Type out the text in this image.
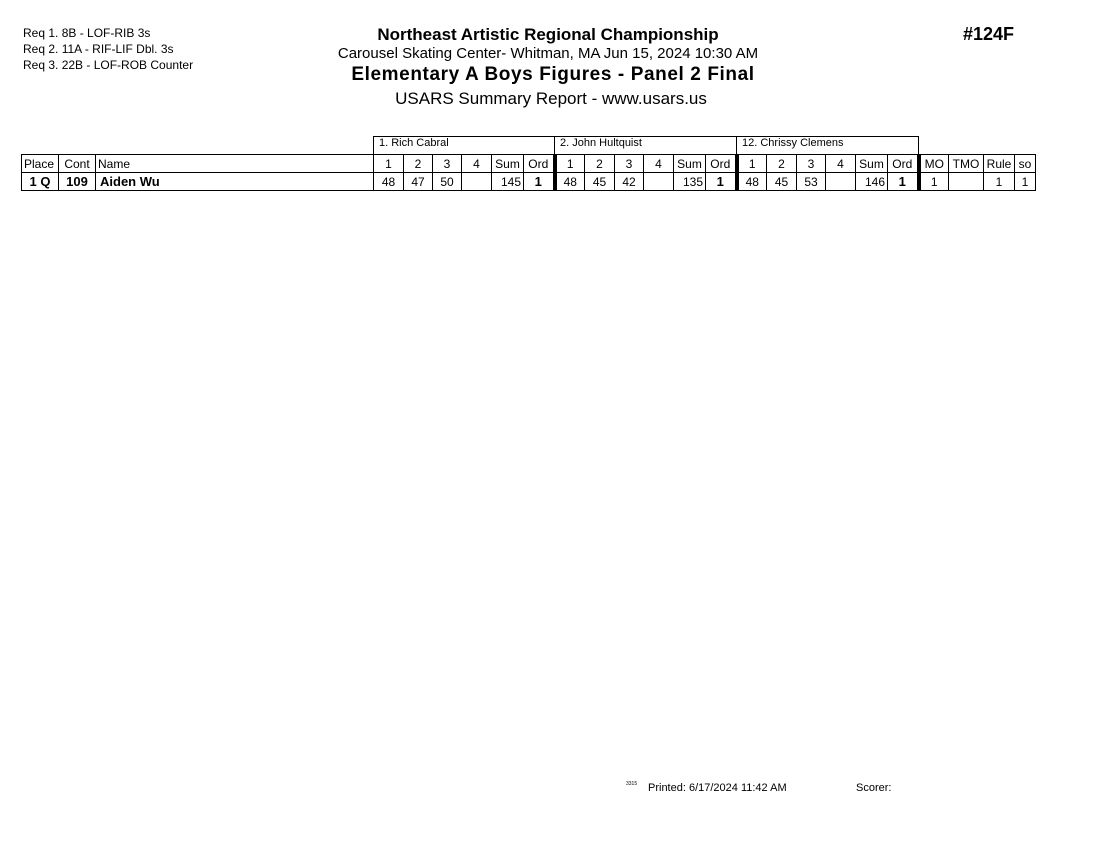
Req 1. 8B - LOF-RIB 3s
Req 2. 11A - RIF-LIF Dbl. 3s
Req 3. 22B - LOF-ROB Counter
Northeast Artistic Regional Championship
Carousel Skating Center- Whitman, MA Jun 15, 2024 10:30 AM
Elementary A Boys Figures - Panel 2 Final
USARS Summary Report - www.usars.us
#124F
			1. Rich Cabral						2. John Hultquist						12. Chrissy Clemens									
Place	Cont	Name	1	2	3	4	Sum	Ord	1	2	3	4	Sum	Ord	1	2	3	4	Sum	Ord	MO	TMO	Rule	so
1 Q	109	Aiden Wu	48	47	50		145	1	48	45	42		135	1	48	45	53		146	1	1		1	1
3315 Printed: 6/17/2024 11:42 AM	Scorer:
